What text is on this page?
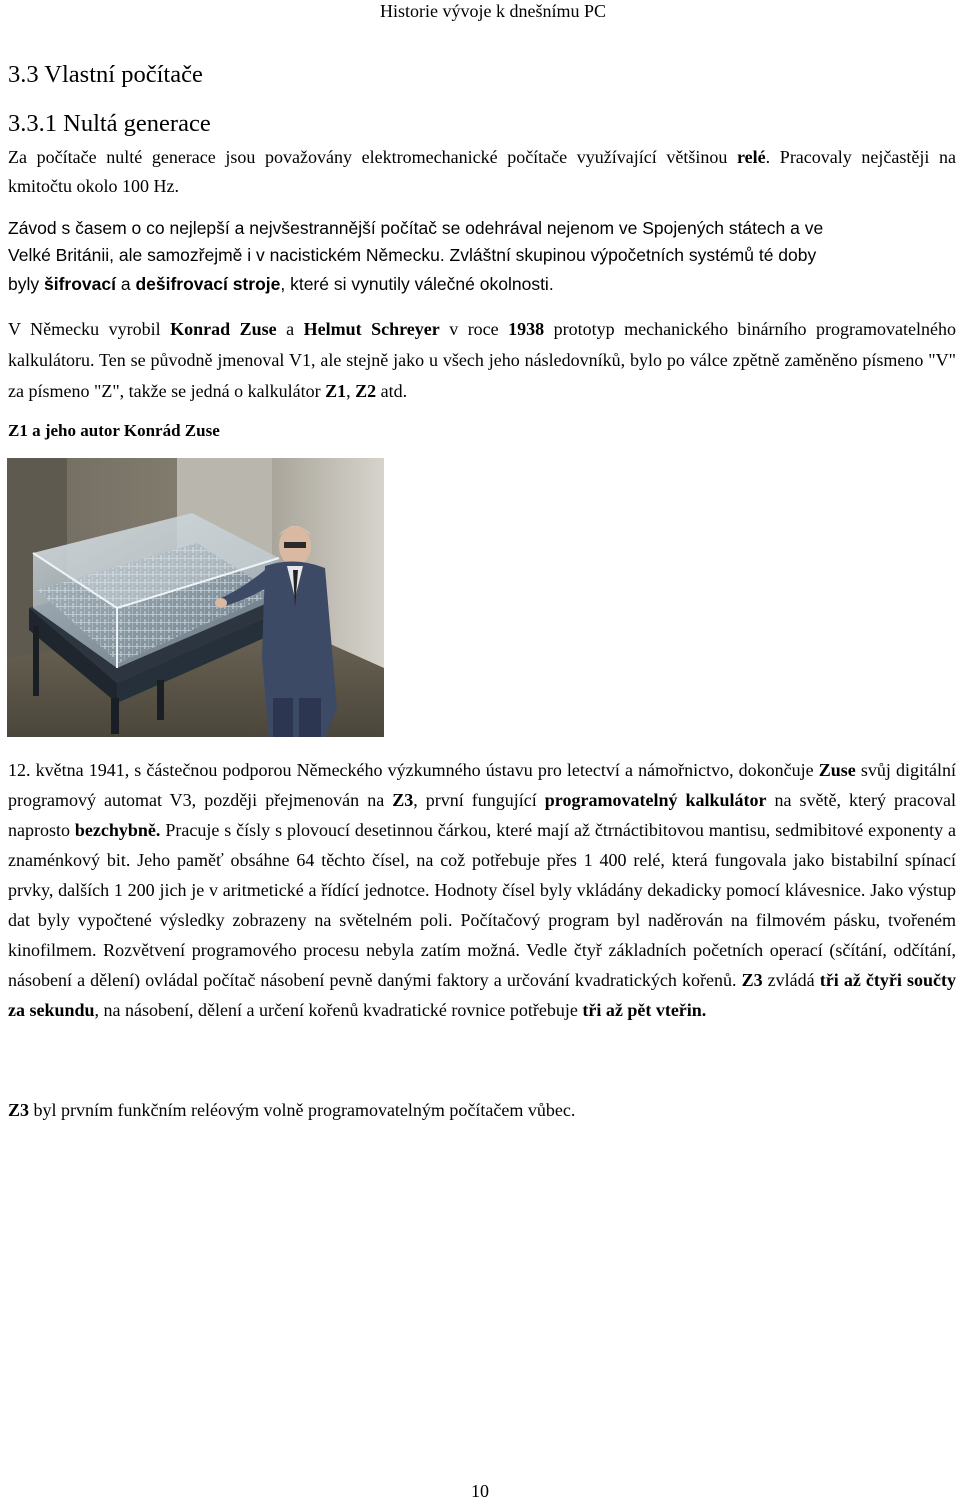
Historie vývoje k dnešnímu PC
3.3 Vlastní počítače
3.3.1 Nultá generace

Za počítače nulté generace jsou považovány elektromechanické počítače využívající většinou relé. Pracovaly nejčastěji na kmitočtu okolo 100 Hz.

Závod s časem o co nejlepší a nejvšestrannější počítač se odehrával nejenom ve Spojených státech a ve

Velké Británii, ale samozřejmě i v nacistickém Německu. Zvláštní skupinou výpočetních systémů té doby

byly šifrovací a dešifrovací stroje, které si vynutily válečné okolnosti.

V Německu vyrobil Konrad Zuse a Helmut Schreyer v roce 1938 prototyp mechanického binárního programovatelného kalkulátoru. Ten se původně jmenoval V1, ale stejně jako u všech jeho následovníků, bylo po válce zpětně zaměněno písmeno "V" za písmeno "Z", takže se jedná o kalkulátor Z1, Z2 atd.

Z1 a jeho autor Konrád Zuse

12. května 1941, s částečnou podporou Německého výzkumného ústavu pro letectví a námořnictvo, dokončuje Zuse svůj digitální programový automat V3, později přejmenován na Z3, první fungující programovatelný kalkulátor na světě, který pracoval naprosto bezchybně. Pracuje s čísly s plovoucí desetinnou čárkou, které mají až čtrnáctibitovou mantisu, sedmibitové exponenty a znaménkový bit. Jeho paměť obsáhne 64 těchto čísel, na což potřebuje přes 1 400 relé, která fungovala jako bistabilní spínací prvky, dalších 1 200 jich je v aritmetické a řídící jednotce. Hodnoty čísel byly vkládány dekadicky pomocí klávesnice. Jako výstup dat byly vypočtené výsledky zobrazeny na světelném poli. Počítačový program byl naděrován na filmovém pásku, tvořeném kinofilmem. Rozvětvení programového procesu nebyla zatím možná. Vedle čtyř základních početních operací (sčítání, odčítání, násobení a dělení) ovládal počítač násobení pevně danými faktory a určování kvadratických kořenů. Z3 zvládá tři až čtyři součty za sekundu, na násobení, dělení a určení kořenů kvadratické rovnice potřebuje tři až pět vteřin.

Z3 byl prvním funkčním reléovým volně programovatelným počítačem vůbec.

10
